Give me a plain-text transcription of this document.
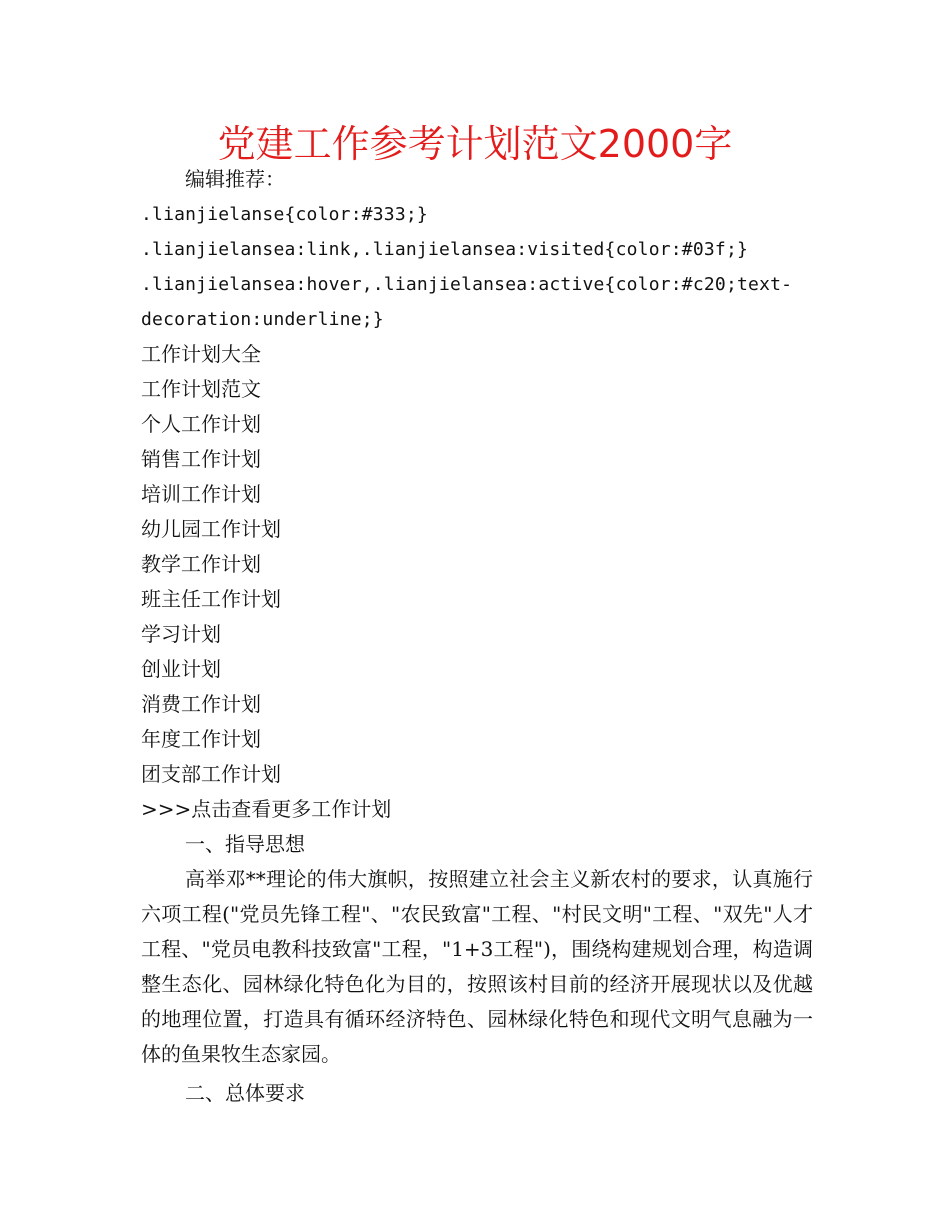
党建工作参考计划范文2000字

编辑推荐：

.lianjielanse{color:#333;}

.lianjielansea:link,.lianjielansea:visited{color:#03f;}

.lianjielansea:hover,.lianjielansea:active{color:#c20;text-

decoration:underline;}

工作计划大全

工作计划范文

个人工作计划

销售工作计划

培训工作计划

幼儿园工作计划

教学工作计划

班主任工作计划

学习计划

创业计划

消费工作计划

年度工作计划

团支部工作计划

>>>点击查看更多工作计划

一、指导思想

高举邓**理论的伟大旗帜，按照建立社会主义新农村的要求，认真施行六项工程("党员先锋工程"、"农民致富"工程、"村民文明"工程、"双先"人才工程、"党员电教科技致富"工程，"1+3工程")，围绕构建规划合理，构造调整生态化、园林绿化特色化为目的，按照该村目前的经济开展现状以及优越的地理位置，打造具有循环经济特色、园林绿化特色和现代文明气息融为一体的鱼果牧生态家园。

二、总体要求
